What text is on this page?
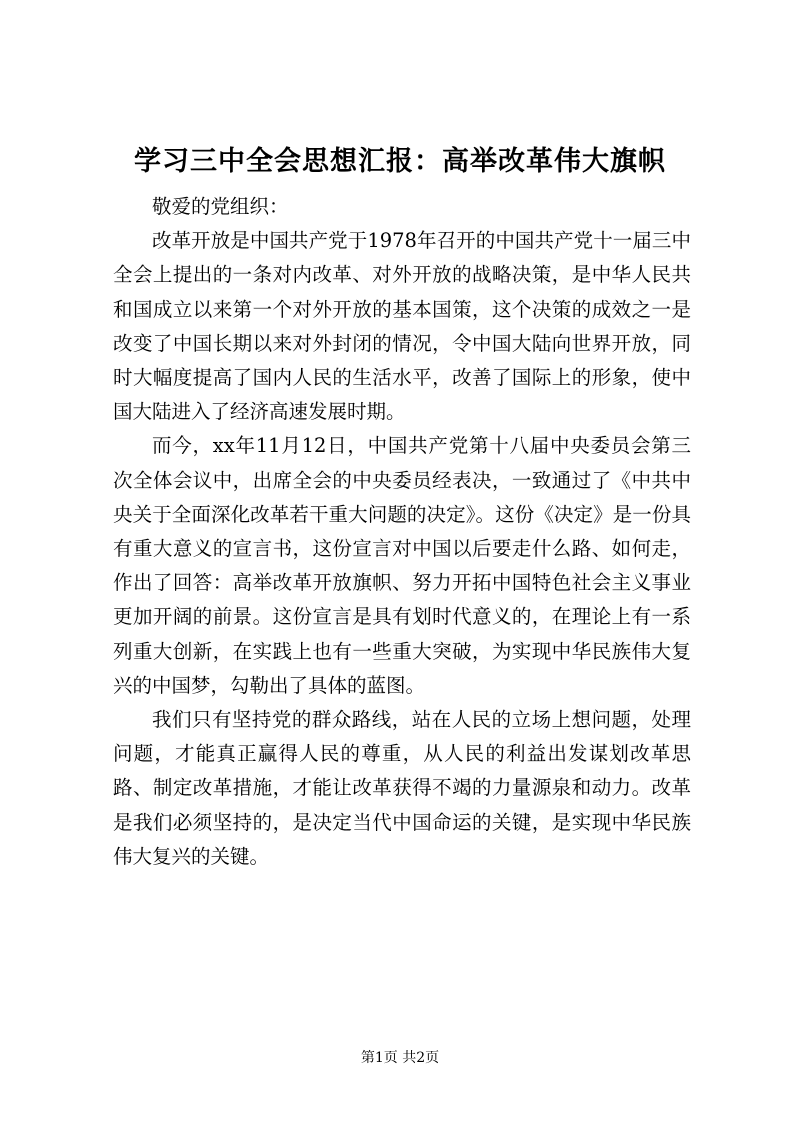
学习三中全会思想汇报：高举改革伟大旗帜

敬爱的党组织：

改革开放是中国共产党于1978年召开的中国共产党十一届三中全会上提出的一条对内改革、对外开放的战略决策，是中华人民共和国成立以来第一个对外开放的基本国策，这个决策的成效之一是改变了中国长期以来对外封闭的情况，令中国大陆向世界开放，同时大幅度提高了国内人民的生活水平，改善了国际上的形象，使中国大陆进入了经济高速发展时期。

而今，xx年11月12日，中国共产党第十八届中央委员会第三次全体会议中，出席全会的中央委员经表决，一致通过了《中共中央关于全面深化改革若干重大问题的决定》。这份《决定》是一份具有重大意义的宣言书，这份宣言对中国以后要走什么路、如何走，作出了回答：高举改革开放旗帜、努力开拓中国特色社会主义事业更加开阔的前景。这份宣言是具有划时代意义的，在理论上有一系列重大创新，在实践上也有一些重大突破，为实现中华民族伟大复兴的中国梦，勾勒出了具体的蓝图。

我们只有坚持党的群众路线，站在人民的立场上想问题，处理问题，才能真正赢得人民的尊重，从人民的利益出发谋划改革思路、制定改革措施，才能让改革获得不竭的力量源泉和动力。改革是我们必须坚持的，是决定当代中国命运的关键，是实现中华民族伟大复兴的关键。

第1页 共2页
